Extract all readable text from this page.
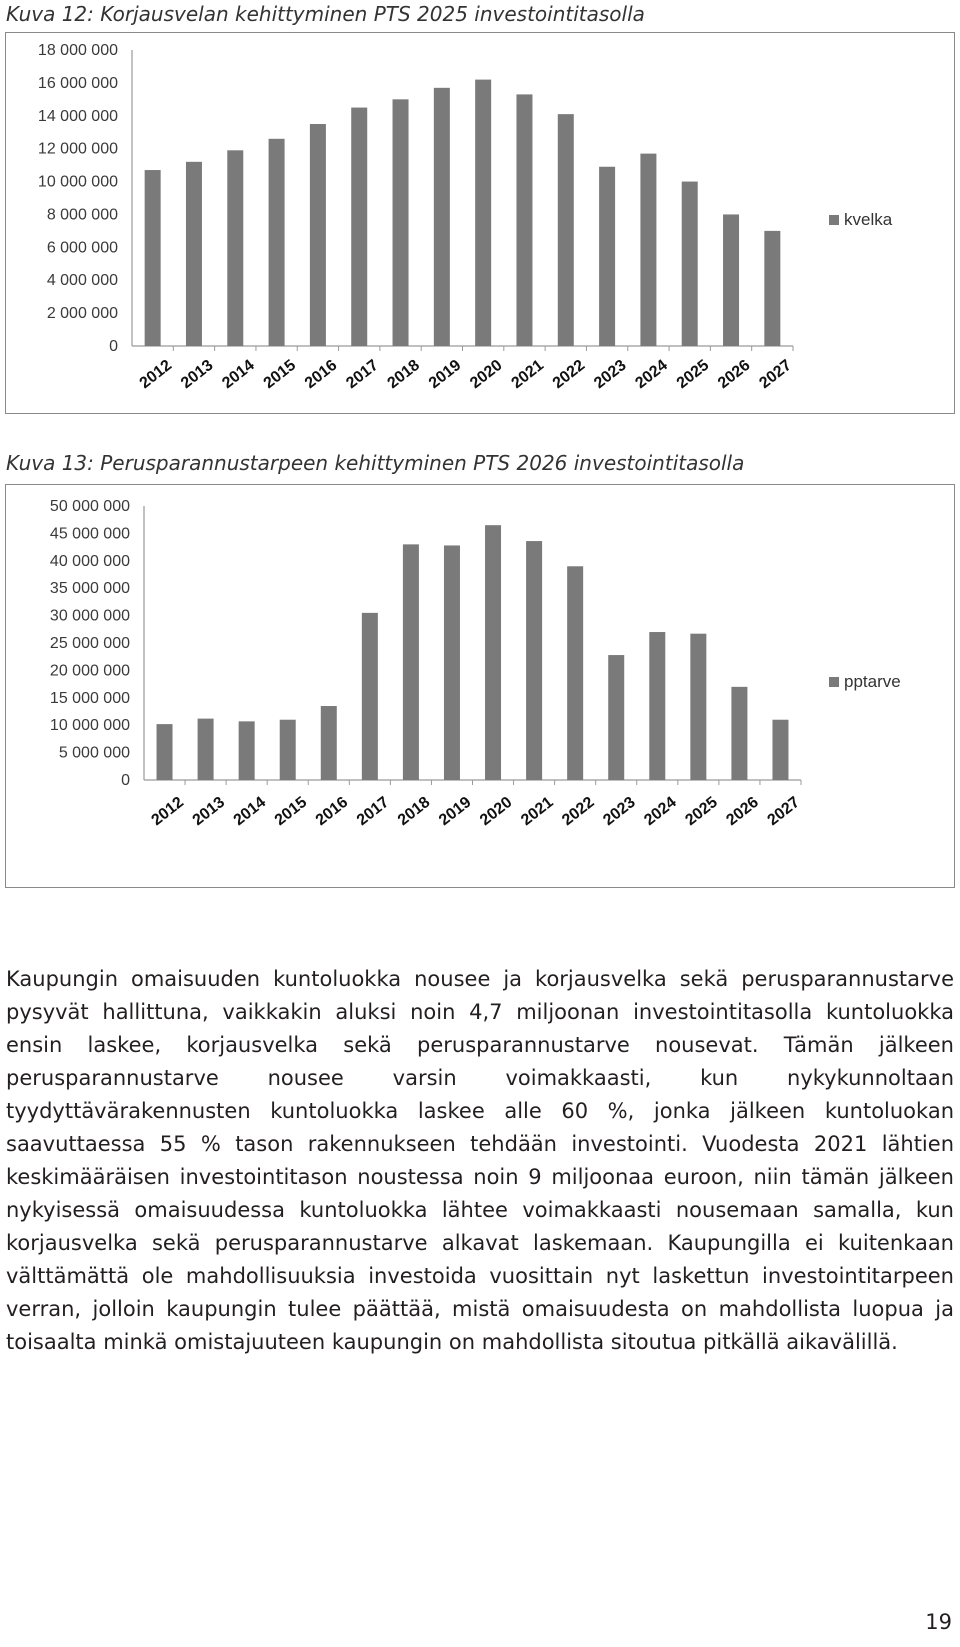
Kuva 12: Korjausvelan kehittyminen PTS 2025 investointitasolla
0
2 000 000
4 000 000
6 000 000
8 000 000
10 000 000
12 000 000
14 000 000
16 000 000
18 000 000
2012 2013 2014 2015 2016 2017 2018 2019 2020 2021 2022 2023 2024 2025 2026 2027
kvelka
Kuva 13: Perusparannustarpeen kehittyminen PTS 2026 investointitasolla
0
5 000 000
10 000 000
15 000 000
20 000 000
25 000 000
30 000 000
35 000 000
40 000 000
45 000 000
50 000 000
2012 2013 2014 2015 2016 2017 2018 2019 2020 2021 2022 2023 2024 2025 2026 2027
pptarve

Kaupungin omaisuuden kuntoluokka nousee ja korjausvelka sekä perusparannustarve pysyvät hallittuna, vaikkakin aluksi noin 4,7 miljoonan investointitasolla kuntoluokka ensin laskee, korjausvelka sekä perusparannustarve nousevat. Tämän jälkeen perusparannustarve nousee varsin voimakkaasti, kun nykykunnoltaan tyydyttävärakennusten kuntoluokka laskee alle 60 %, jonka jälkeen kuntoluokan saavuttaessa 55 % tason rakennukseen tehdään investointi. Vuodesta 2021 lähtien keskimääräisen investointitason noustessa noin 9 miljoonaa euroon, niin tämän jälkeen nykyisessä omaisuudessa kuntoluokka lähtee voimakkaasti nousemaan samalla, kun korjausvelka sekä perusparannustarve alkavat laskemaan. Kaupungilla ei kuitenkaan välttämättä ole mahdollisuuksia investoida vuosittain nyt laskettun investointitarpeen verran, jolloin kaupungin tulee päättää, mistä omaisuudesta on mahdollista luopua ja toisaalta minkä omistajuuteen kaupungin on mahdollista sitoutua pitkällä aikavälillä.

19
